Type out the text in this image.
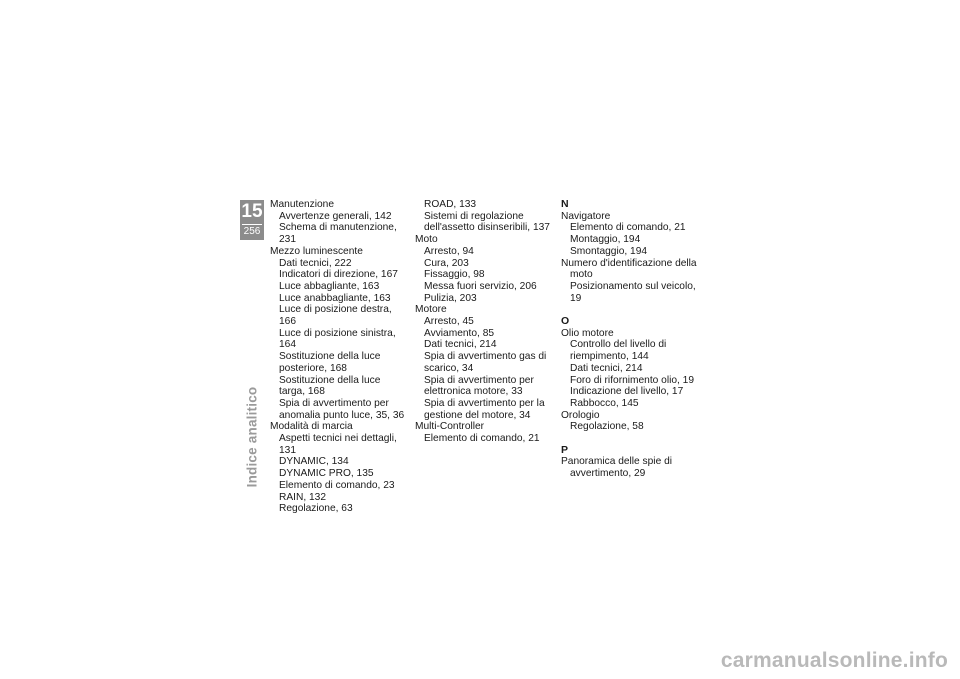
15
256
Indice analitico
Manutenzione
Avvertenze generali, 142
Schema di manutenzione, 231
Mezzo luminescente
Dati tecnici, 222
Indicatori di direzione, 167
Luce abbagliante, 163
Luce anabbagliante, 163
Luce di posizione destra, 166
Luce di posizione sinistra, 164
Sostituzione della luce
posteriore, 168
Sostituzione della luce
targa, 168
Spia di avvertimento per
anomalia punto luce, 35, 36
Modalità di marcia
Aspetti tecnici nei dettagli, 131
DYNAMIC, 134
DYNAMIC PRO, 135
Elemento di comando, 23
RAIN, 132
Regolazione, 63
ROAD, 133
Sistemi di regolazione
dell'assetto disinseribili, 137
Moto
Arresto, 94
Cura, 203
Fissaggio, 98
Messa fuori servizio, 206
Pulizia, 203
Motore
Arresto, 45
Avviamento, 85
Dati tecnici, 214
Spia di avvertimento gas di
scarico, 34
Spia di avvertimento per
elettronica motore, 33
Spia di avvertimento per la
gestione del motore, 34
Multi-Controller
Elemento di comando, 21
N
Navigatore
Elemento di comando, 21
Montaggio, 194
Smontaggio, 194
Numero d'identificazione della
moto
Posizionamento sul veicolo, 19
O
Olio motore
Controllo del livello di
riempimento, 144
Dati tecnici, 214
Foro di rifornimento olio, 19
Indicazione del livello, 17
Rabbocco, 145
Orologio
Regolazione, 58
P
Panoramica delle spie di
avvertimento, 29
carmanualsonline.info
